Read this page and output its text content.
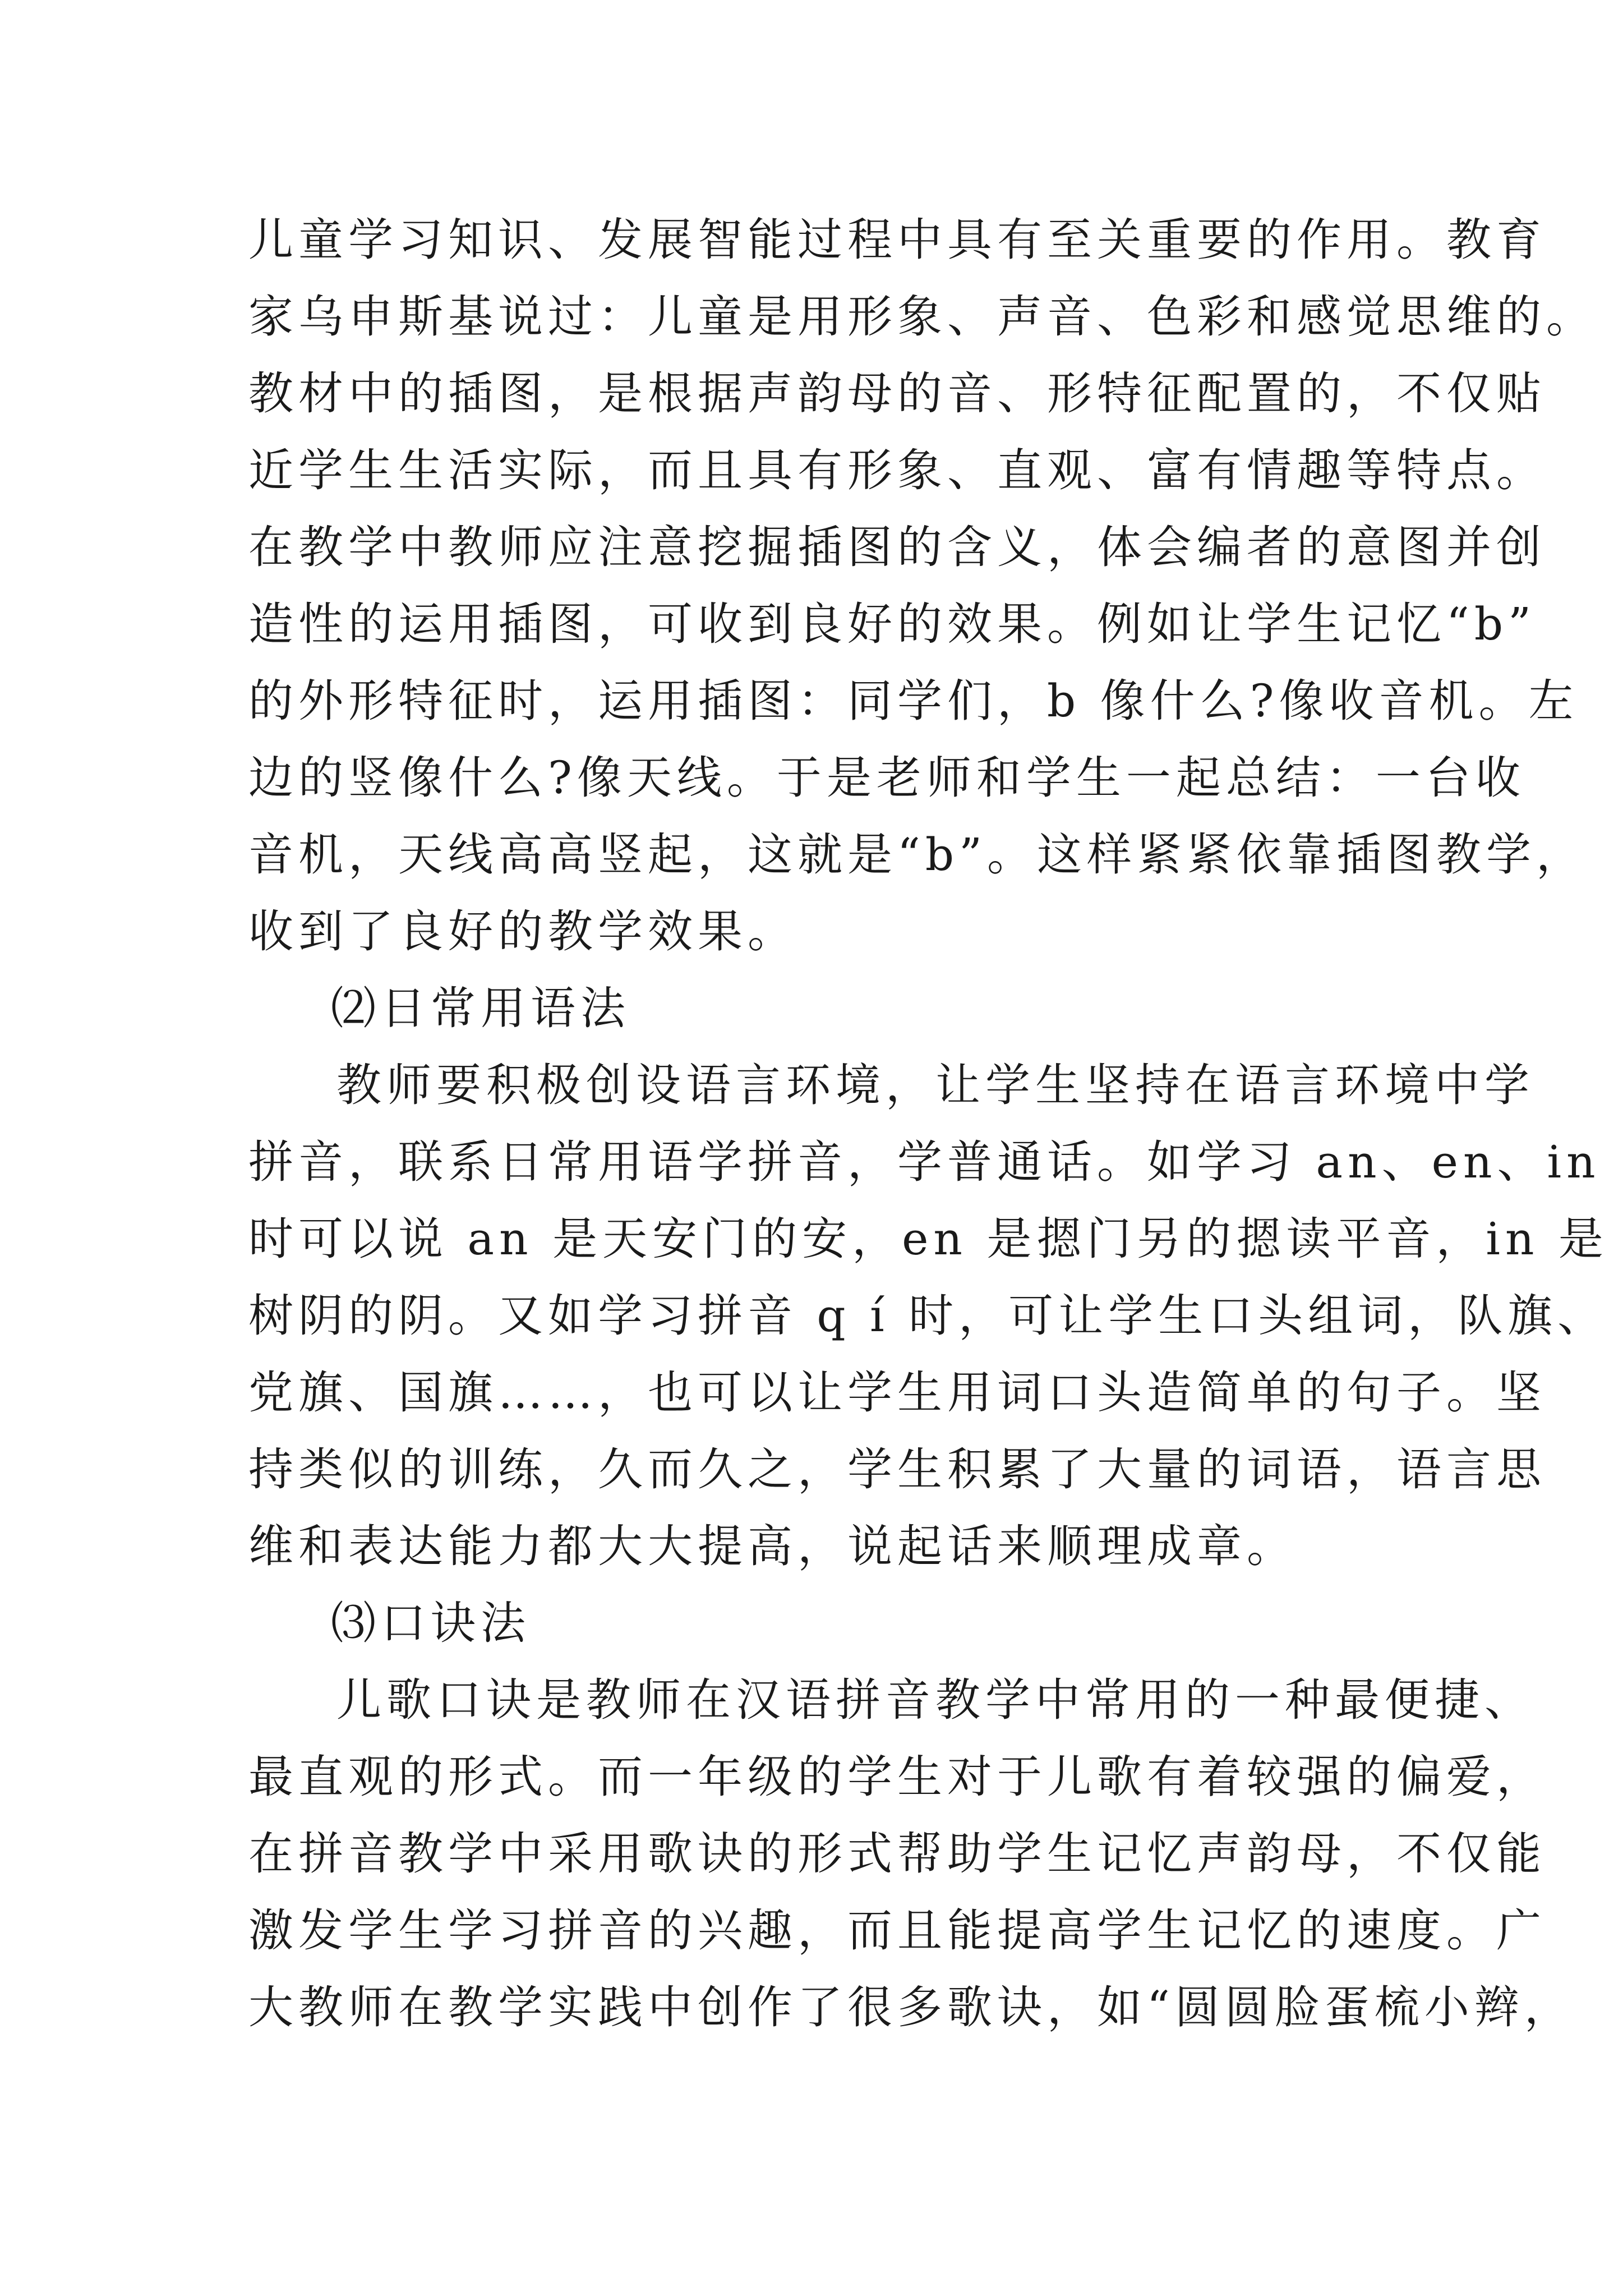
儿童学习知识、发展智能过程中具有至关重要的作用。教育
家乌申斯基说过：儿童是用形象、声音、色彩和感觉思维的。
教材中的插图，是根据声韵母的音、形特征配置的，不仅贴
近学生生活实际，而且具有形象、直观、富有情趣等特点。
在教学中教师应注意挖掘插图的含义，体会编者的意图并创
造性的运用插图，可收到良好的效果。例如让学生记忆“b”
的外形特征时，运用插图：同学们，b 像什么?像收音机。左
边的竖像什么?像天线。于是老师和学生一起总结：一台收
音机，天线高高竖起，这就是“b”。这样紧紧依靠插图教学，
收到了良好的教学效果。
⑵日常用语法
教师要积极创设语言环境，让学生坚持在语言环境中学
拼音，联系日常用语学拼音，学普通话。如学习 an、en、in
时可以说 an 是天安门的安，en 是摁门另的摁读平音，in 是
树阴的阴。又如学习拼音 q í 时，可让学生口头组词，队旗、
党旗、国旗……，也可以让学生用词口头造简单的句子。坚
持类似的训练，久而久之，学生积累了大量的词语，语言思
维和表达能力都大大提高，说起话来顺理成章。
⑶口诀法
儿歌口诀是教师在汉语拼音教学中常用的一种最便捷、
最直观的形式。而一年级的学生对于儿歌有着较强的偏爱，
在拼音教学中采用歌诀的形式帮助学生记忆声韵母，不仅能
激发学生学习拼音的兴趣，而且能提高学生记忆的速度。广
大教师在教学实践中创作了很多歌诀，如“圆圆脸蛋梳小辫，
